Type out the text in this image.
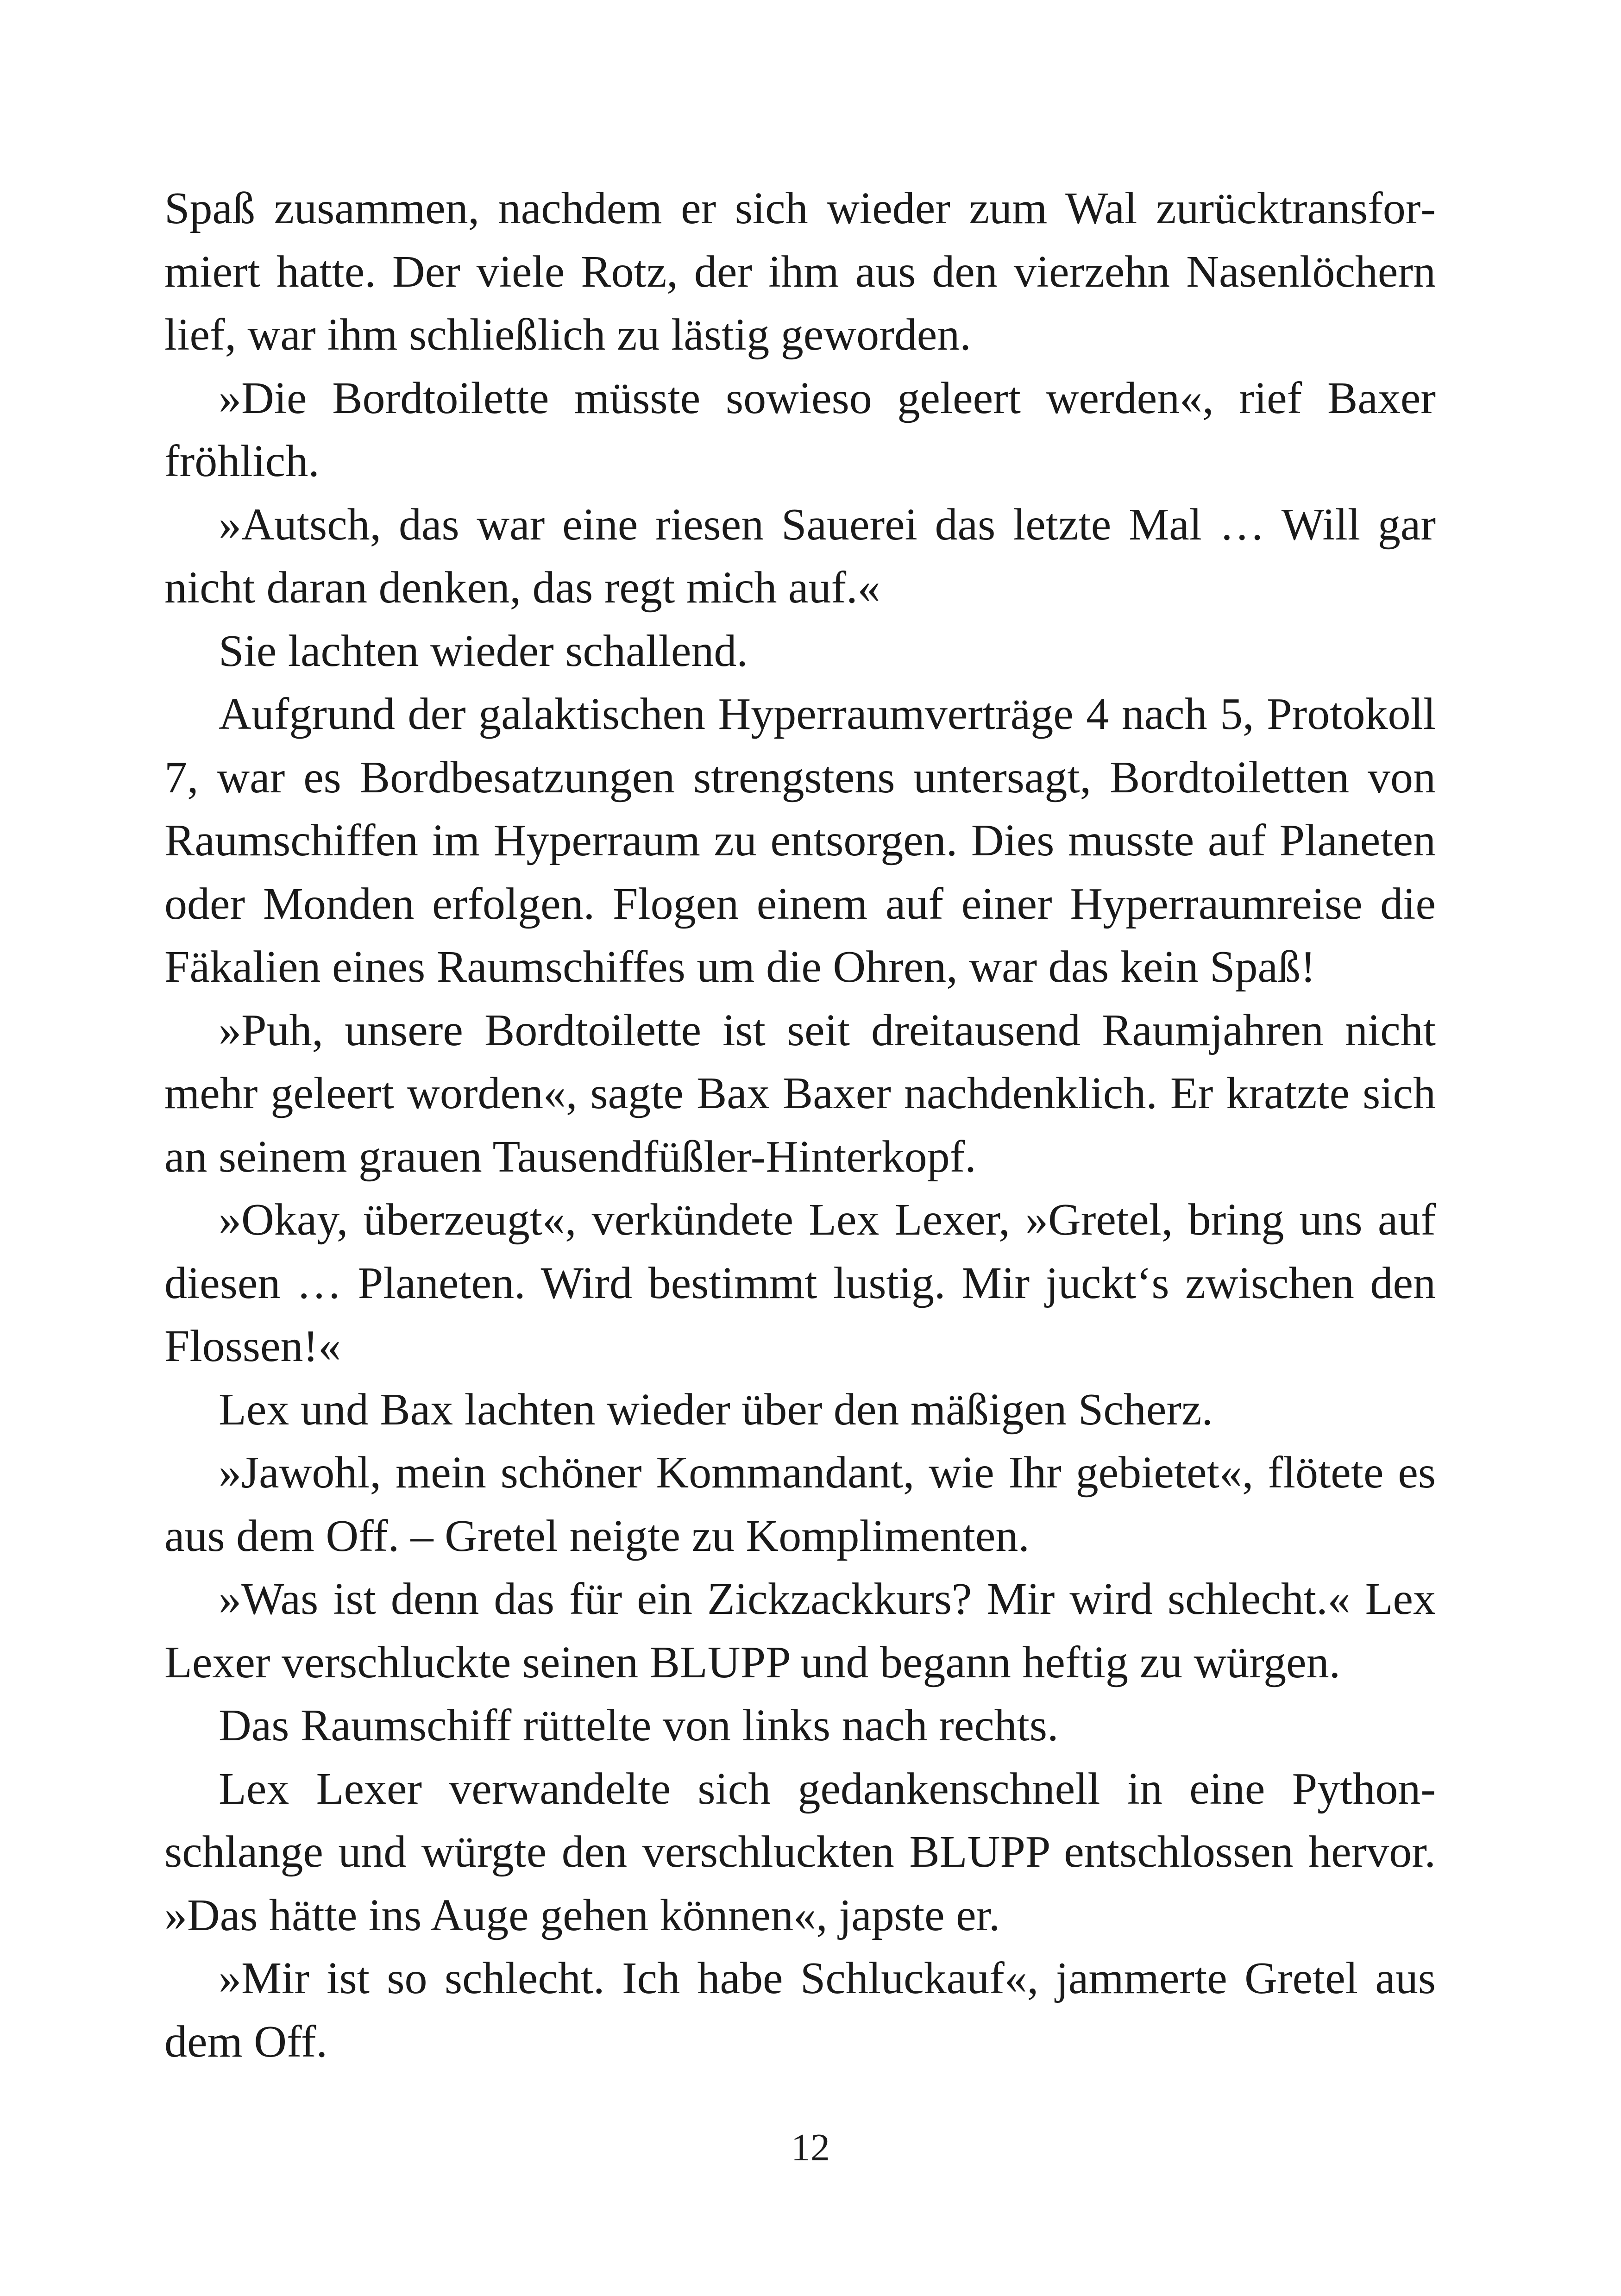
Spaß zusammen, nachdem er sich wieder zum Wal zurücktransformiert hatte. Der viele Rotz, der ihm aus den vierzehn Nasenlöchern lief, war ihm schließlich zu lästig geworden.

»Die Bordtoilette müsste sowieso geleert werden«, rief Baxer fröhlich.

»Autsch, das war eine riesen Sauerei das letzte Mal … Will gar nicht daran denken, das regt mich auf.«

Sie lachten wieder schallend.

Aufgrund der galaktischen Hyperraumverträge 4 nach 5, Protokoll 7, war es Bordbesatzungen strengstens untersagt, Bordtoiletten von Raumschiffen im Hyperraum zu entsorgen. Dies musste auf Planeten oder Monden erfolgen. Flogen einem auf einer Hyperraumreise die Fäkalien eines Raumschiffes um die Ohren, war das kein Spaß!

»Puh, unsere Bordtoilette ist seit dreitausend Raumjahren nicht mehr geleert worden«, sagte Bax Baxer nachdenklich. Er kratzte sich an seinem grauen Tausendfüßler-Hinterkopf.

»Okay, überzeugt«, verkündete Lex Lexer, »Gretel, bring uns auf diesen … Planeten. Wird bestimmt lustig. Mir juckt‘s zwischen den Flossen!«

Lex und Bax lachten wieder über den mäßigen Scherz.

»Jawohl, mein schöner Kommandant, wie Ihr gebietet«, flötete es aus dem Off. – Gretel neigte zu Komplimenten.

»Was ist denn das für ein Zickzackkurs? Mir wird schlecht.« Lex Lexer verschluckte seinen BLUPP und begann heftig zu würgen.

Das Raumschiff rüttelte von links nach rechts.

Lex Lexer verwandelte sich gedankenschnell in eine Pythonschlange und würgte den verschluckten BLUPP entschlossen hervor. »Das hätte ins Auge gehen können«, japste er.

»Mir ist so schlecht. Ich habe Schluckauf«, jammerte Gretel aus dem Off.

12
